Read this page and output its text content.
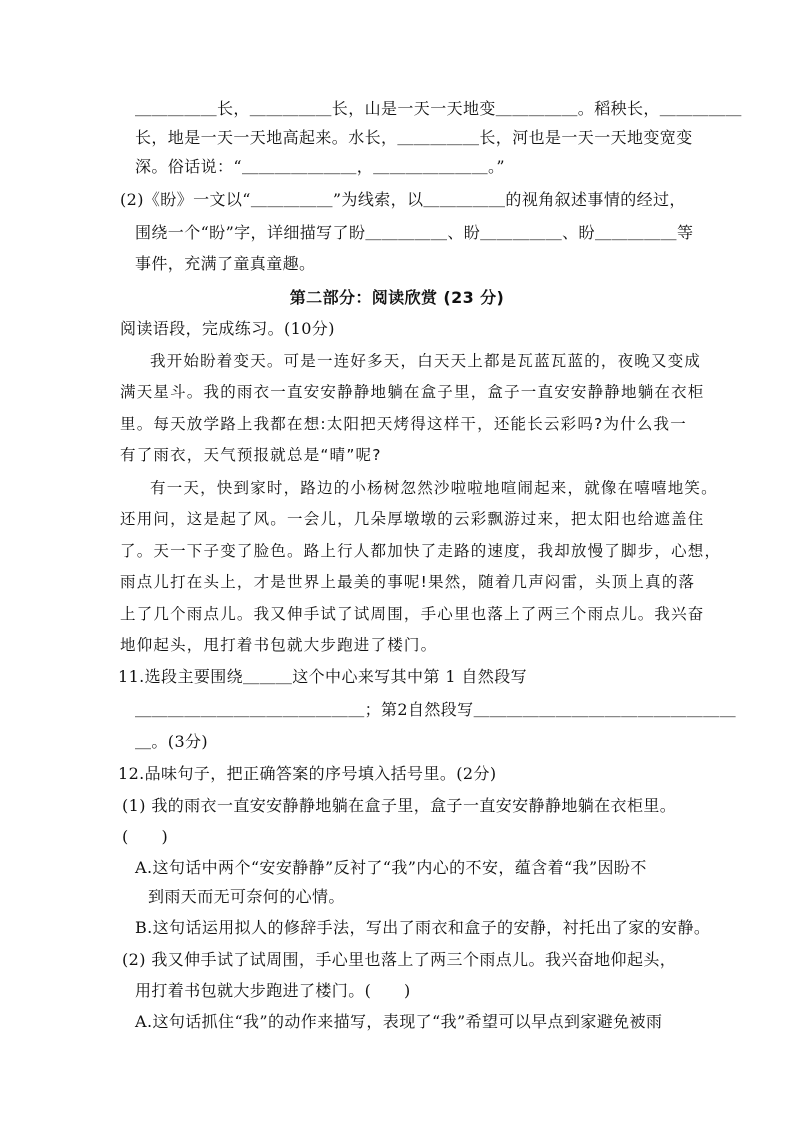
＿＿＿＿＿长，＿＿＿＿＿长，山是一天一天地变＿＿＿＿＿。稻秧长，＿＿＿＿＿
长，地是一天一天地高起来。水长，＿＿＿＿＿长，河也是一天一天地变宽变
深。俗话说：“＿＿＿＿＿＿＿，＿＿＿＿＿＿＿。”
(2)《盼》一文以“＿＿＿＿＿”为线索，以＿＿＿＿＿的视角叙述事情的经过，
围绕一个“盼”字，详细描写了盼＿＿＿＿＿、盼＿＿＿＿＿、盼＿＿＿＿＿等
事件，充满了童真童趣。
第二部分：阅读欣赏 (23 分)
阅读语段，完成练习。(10分)
我开始盼着变天。可是一连好多天，白天天上都是瓦蓝瓦蓝的，夜晚又变成
满天星斗。我的雨衣一直安安静静地躺在盒子里，盒子一直安安静静地躺在衣柜
里。每天放学路上我都在想:太阳把天烤得这样干，还能长云彩吗?为什么我一
有了雨衣，天气预报就总是“晴”呢?
有一天，快到家时，路边的小杨树忽然沙啦啦地喧闹起来，就像在嘻嘻地笑。
还用问，这是起了风。一会儿，几朵厚墩墩的云彩飘游过来，把太阳也给遮盖住
了。天一下子变了脸色。路上行人都加快了走路的速度，我却放慢了脚步，心想，
雨点儿打在头上，才是世界上最美的事呢!果然，随着几声闷雷，头顶上真的落
上了几个雨点儿。我又伸手试了试周围，手心里也落上了两三个雨点儿。我兴奋
地仰起头，甩打着书包就大步跑进了楼门。
11.选段主要围绕＿＿＿这个中心来写其中第 1 自然段写
＿＿＿＿＿＿＿＿＿＿＿＿＿＿；第2自然段写＿＿＿＿＿＿＿＿＿＿＿＿＿＿＿＿
＿。(3分)
12.品味句子，把正确答案的序号填入括号里。(2分)
(1) 我的雨衣一直安安静静地躺在盒子里，盒子一直安安静静地躺在衣柜里。
(　　)
A.这句话中两个“安安静静”反衬了“我”内心的不安，蕴含着“我”因盼不
到雨天而无可奈何的心情。
B.这句话运用拟人的修辞手法，写出了雨衣和盒子的安静，衬托出了家的安静。
(2) 我又伸手试了试周围，手心里也落上了两三个雨点儿。我兴奋地仰起头，
用打着书包就大步跑进了楼门。(　　)
A.这句话抓住“我”的动作来描写，表现了“我”希望可以早点到家避免被雨
